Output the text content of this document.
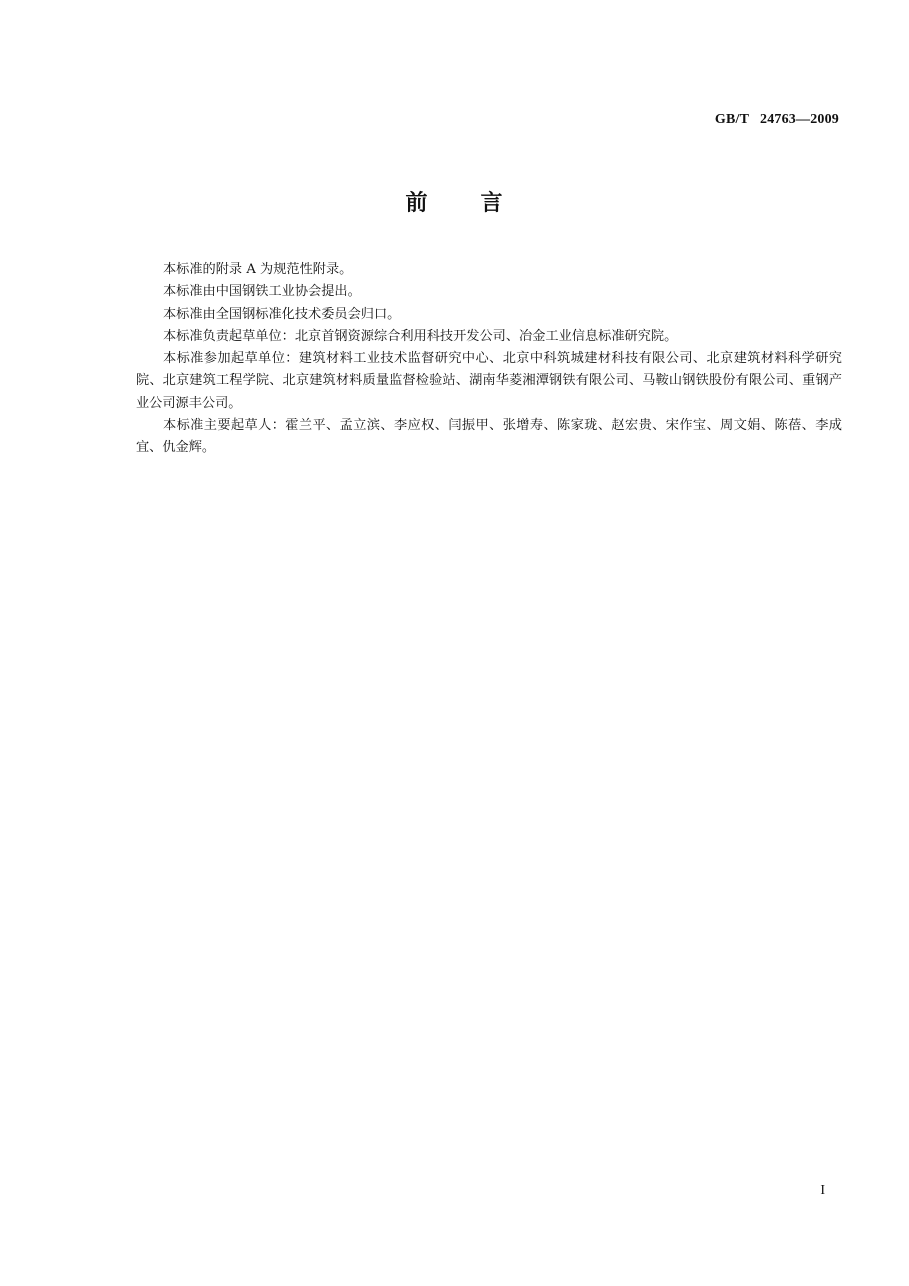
GB/T   24763—2009
前      言

本标准的附录 A 为规范性附录。

本标准由中国钢铁工业协会提出。

本标准由全国钢标准化技术委员会归口。

本标准负责起草单位：北京首钢资源综合利用科技开发公司、冶金工业信息标准研究院。

本标准参加起草单位：建筑材料工业技术监督研究中心、北京中科筑城建材科技有限公司、北京建筑材料科学研究院、北京建筑工程学院、北京建筑材料质量监督检验站、湖南华菱湘潭钢铁有限公司、马鞍山钢铁股份有限公司、重钢产业公司源丰公司。

本标准主要起草人：霍兰平、孟立滨、李应权、闫振甲、张增寿、陈家珑、赵宏贵、宋作宝、周文娟、陈蓓、李成宜、仇金辉。

I
